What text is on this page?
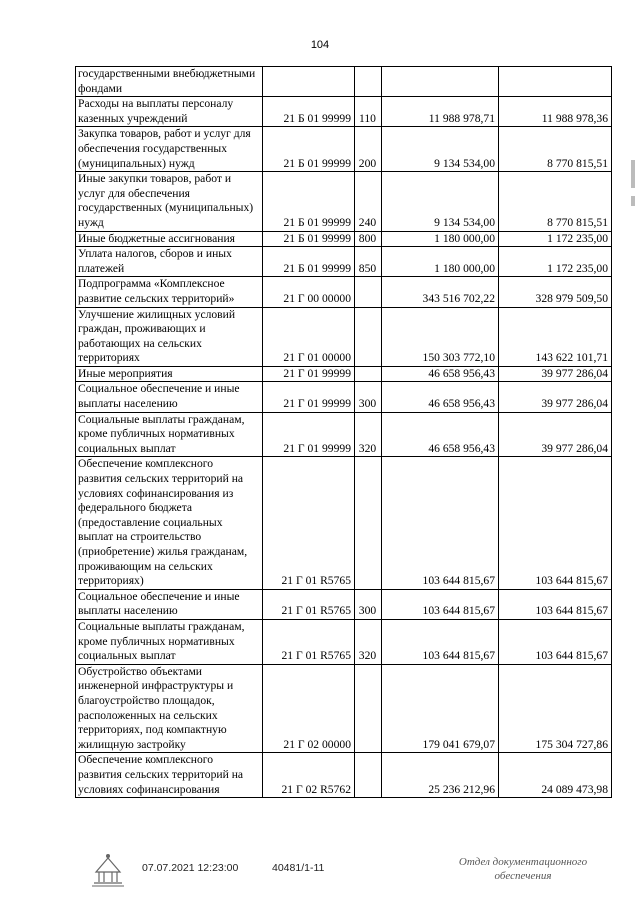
104
государственными внебюджетными фондами				
Расходы на выплаты персоналу казенных учреждений	21 Б 01 99999	110	11 988 978,71	11 988 978,36
Закупка товаров, работ и услуг для обеспечения государственных (муниципальных) нужд	21 Б 01 99999	200	9 134 534,00	8 770 815,51
Иные закупки товаров, работ и услуг для обеспечения государственных (муниципальных) нужд	21 Б 01 99999	240	9 134 534,00	8 770 815,51
Иные бюджетные ассигнования	21 Б 01 99999	800	1 180 000,00	1 172 235,00
Уплата налогов, сборов и иных платежей	21 Б 01 99999	850	1 180 000,00	1 172 235,00
Подпрограмма «Комплексное развитие сельских территорий»	21 Г 00 00000		343 516 702,22	328 979 509,50
Улучшение жилищных условий граждан, проживающих и работающих на сельских территориях	21 Г 01 00000		150 303 772,10	143 622 101,71
Иные мероприятия	21 Г 01 99999		46 658 956,43	39 977 286,04
Социальное обеспечение и иные выплаты населению	21 Г 01 99999	300	46 658 956,43	39 977 286,04
Социальные выплаты гражданам, кроме публичных нормативных социальных выплат	21 Г 01 99999	320	46 658 956,43	39 977 286,04
Обеспечение комплексного развития сельских территорий на условиях софинансирования из федерального бюджета (предоставление социальных выплат на строительство (приобретение) жилья гражданам, проживающим на сельских территориях)	21 Г 01 R5765		103 644 815,67	103 644 815,67
Социальное обеспечение и иные выплаты населению	21 Г 01 R5765	300	103 644 815,67	103 644 815,67
Социальные выплаты гражданам, кроме публичных нормативных социальных выплат	21 Г 01 R5765	320	103 644 815,67	103 644 815,67
Обустройство объектами инженерной инфраструктуры и благоустройство площадок, расположенных на сельских территориях, под компактную жилищную застройку	21 Г 02 00000		179 041 679,07	175 304 727,86
Обеспечение комплексного развития сельских территорий на условиях софинансирования	21 Г 02 R5762		25 236 212,96	24 089 473,98
07.07.2021 12:23:00	40481/1-11	Отдел документационного
обеспечения
